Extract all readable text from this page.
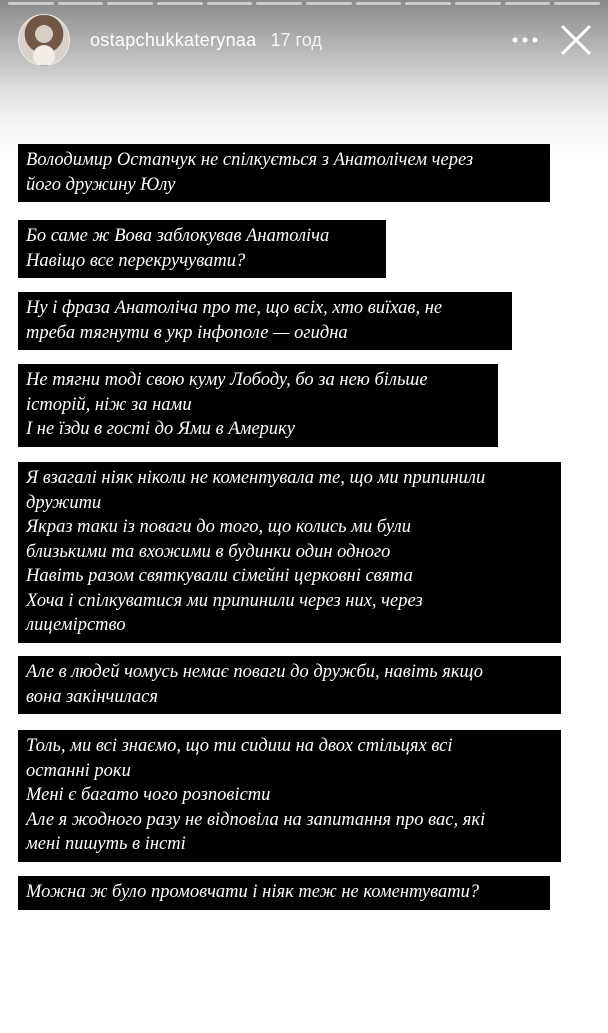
ostapchukkaterynaa 17 год
Володимир Остапчук не спілкується з Анатолічем через
його дружину Юлу
Бо саме ж Вова заблокував Анатоліча
Навіщо все перекручувати?
Ну і фраза Анатоліча про те, що всіх, хто виїхав, не
треба тягнути в укр інфополе — огидна
Не тягни тоді свою куму Лободу, бо за нею більше
історій, ніж за нами
І не їзди в гості до Ями в Америку
Я взагалі ніяк ніколи не коментувала те, що ми припинили
дружити
Якраз таки із поваги до того, що колись ми були
близькими та вхожими в будинки один одного
Навіть разом святкували сімейні церковні свята
Хоча і спілкуватися ми припинили через них, через
лицемірство
Але в людей чомусь немає поваги до дружби, навіть якщо
вона закінчилася
Толь, ми всі знаємо, що ти сидиш на двох стільцях всі
останні роки
Мені є багато чого розповісти
Але я жодного разу не відповіла на запитання про вас, які
мені пишуть в інсті
Можна ж було промовчати і ніяк теж не коментувати?
